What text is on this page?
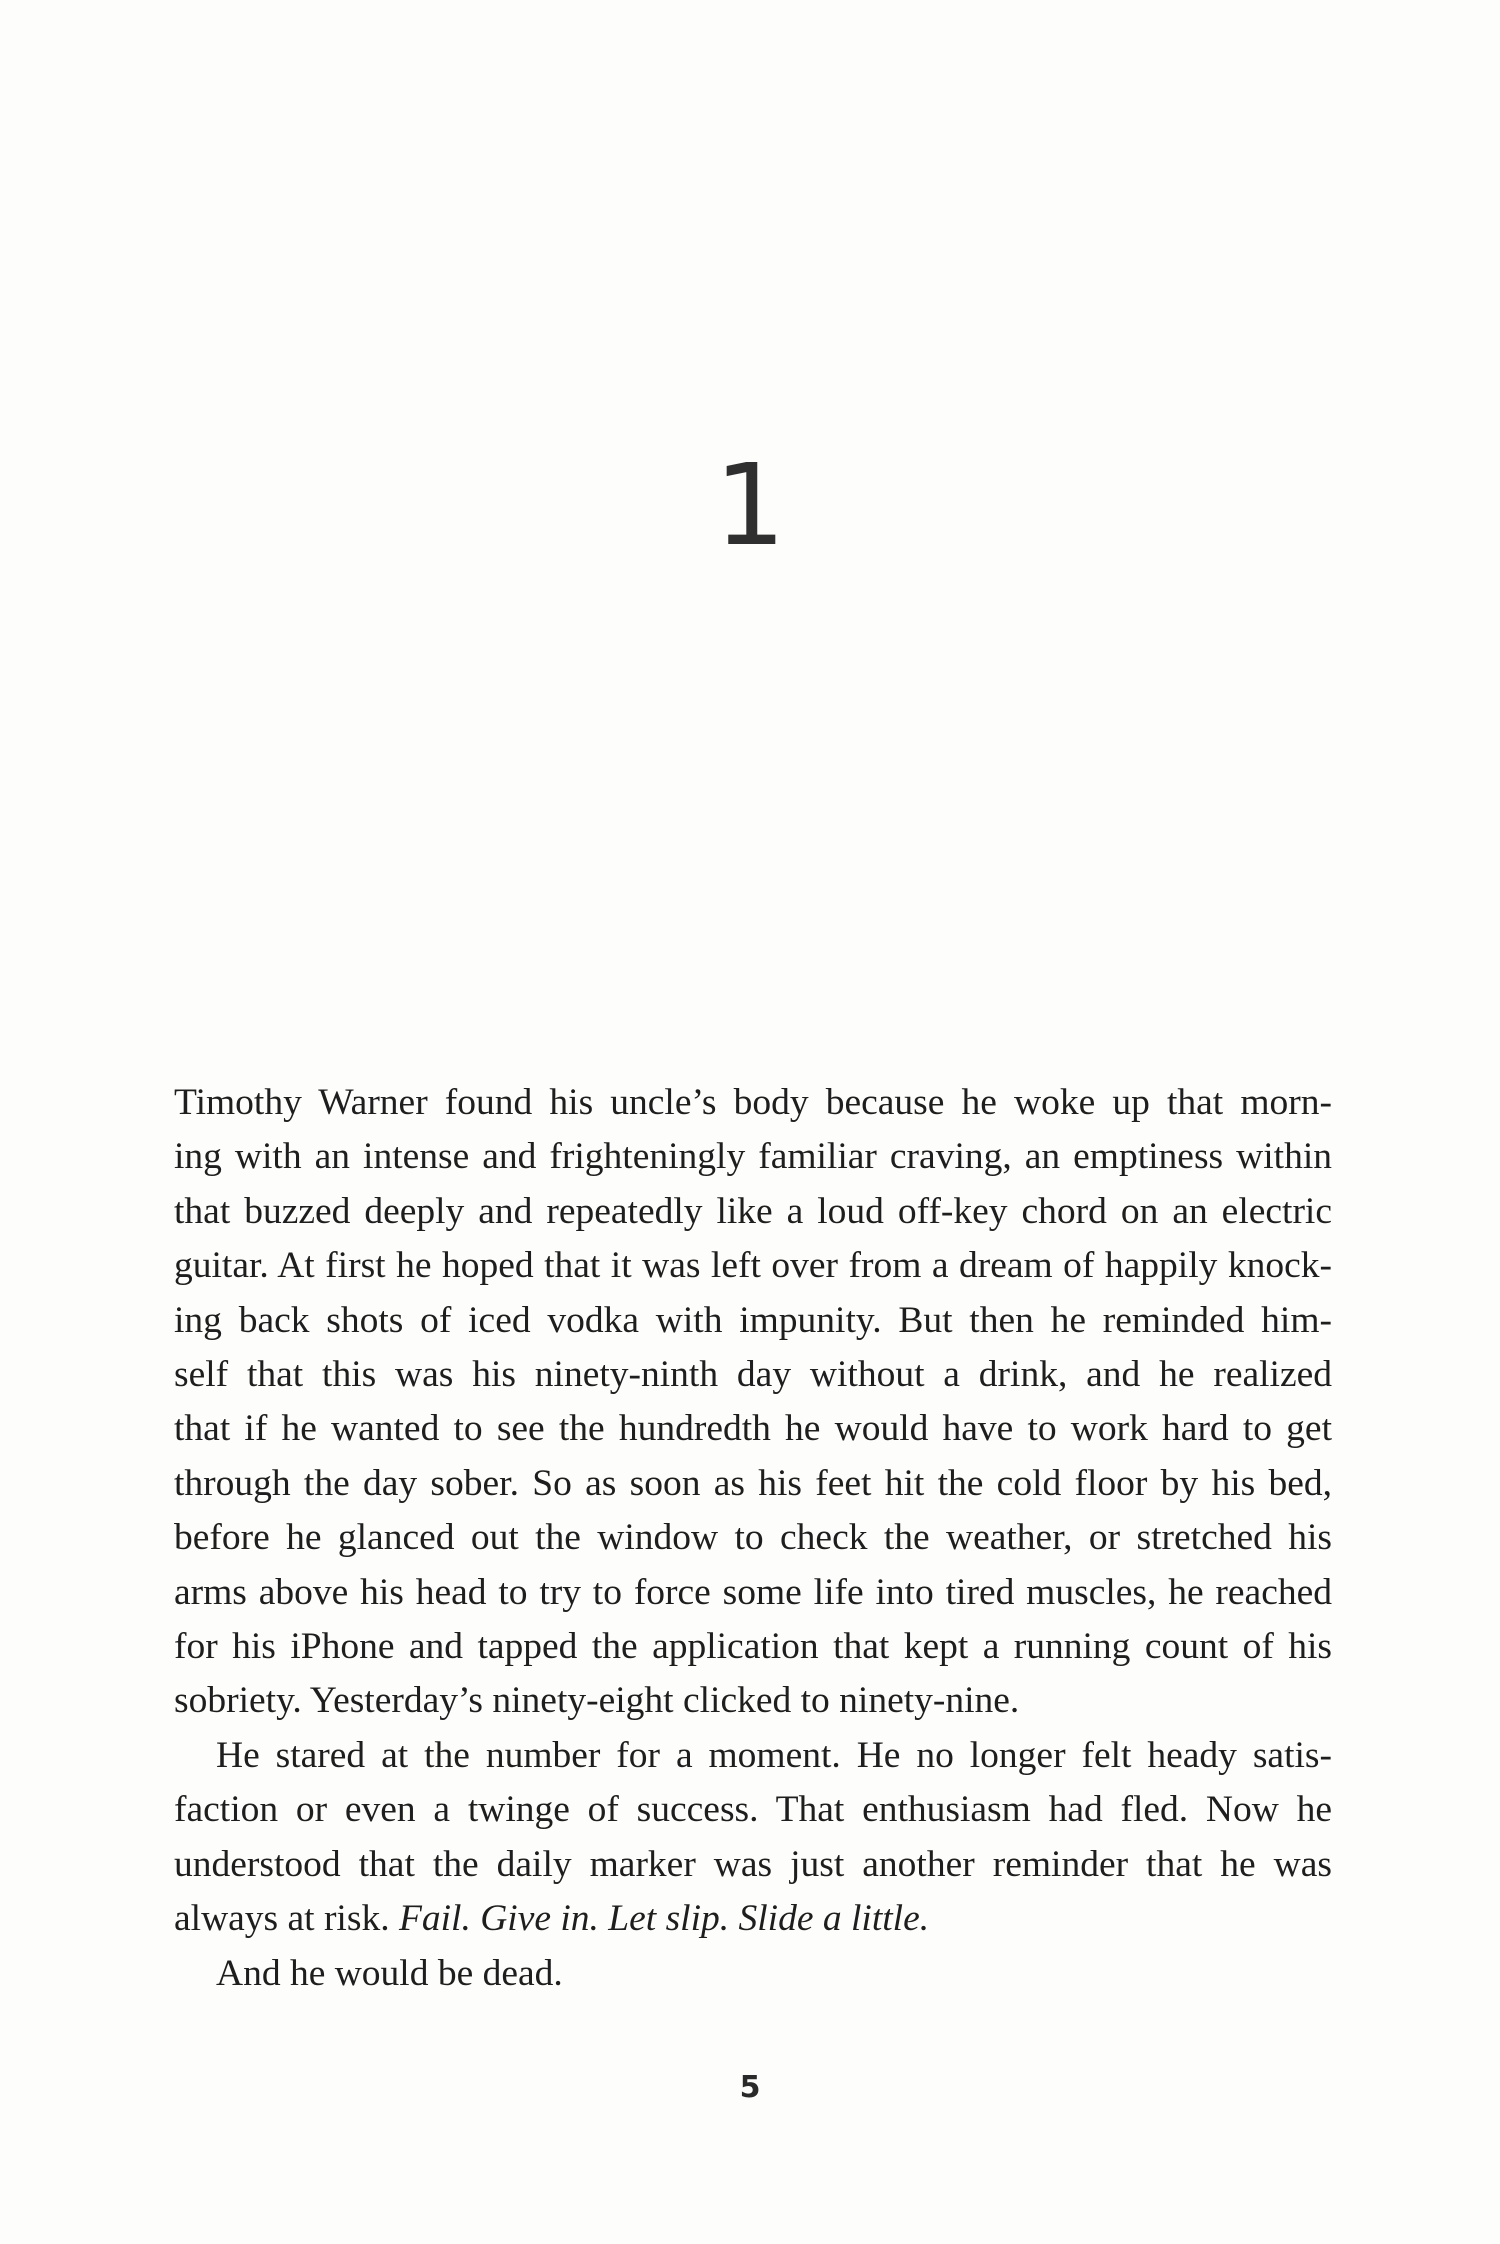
1

Timothy Warner found his uncle’s body because he woke up that morn-
ing with an intense and frighteningly familiar craving, an emptiness within
that buzzed deeply and repeatedly like a loud off-key chord on an electric
guitar. At first he hoped that it was left over from a dream of happily knock-
ing back shots of iced vodka with impunity. But then he reminded him-
self that this was his ninety-ninth day without a drink, and he realized
that if he wanted to see the hundredth he would have to work hard to get
through the day sober. So as soon as his feet hit the cold floor by his bed,
before he glanced out the window to check the weather, or stretched his
arms above his head to try to force some life into tired muscles, he reached
for his iPhone and tapped the application that kept a running count of his
sobriety. Yesterday’s ninety-eight clicked to ninety-nine.

He stared at the number for a moment. He no longer felt heady satis-
faction or even a twinge of success. That enthusiasm had fled. Now he
understood that the daily marker was just another reminder that he was
always at risk. Fail. Give in. Let slip. Slide a little.

And he would be dead.

5
